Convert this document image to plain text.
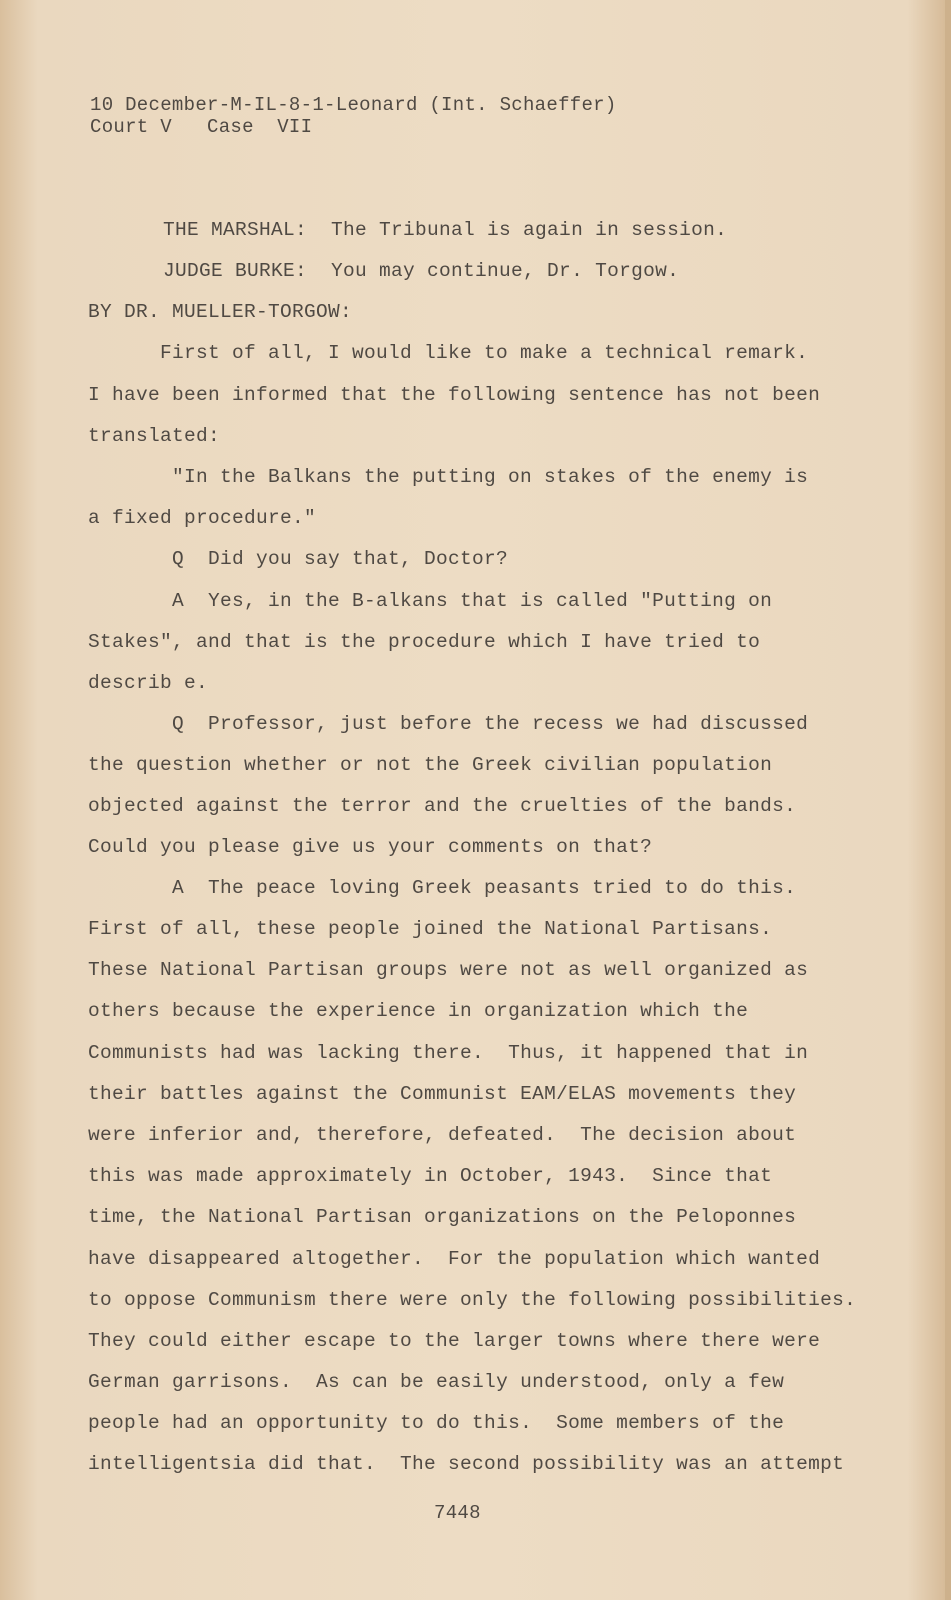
10 December-M-IL-8-1-Leonard (Int. Schaeffer)

Court V   Case  VII

THE MARSHAL:  The Tribunal is again in session.

JUDGE BURKE:  You may continue, Dr. Torgow.

BY DR. MUELLER-TORGOW:

First of all, I would like to make a technical remark.

I have been informed that the following sentence has not been

translated:

"In the Balkans the putting on stakes of the enemy is

a fixed procedure."

Q  Did you say that, Doctor?

A  Yes, in the B-alkans that is called "Putting on

Stakes", and that is the procedure which I have tried to

describ e.

Q  Professor, just before the recess we had discussed

the question whether or not the Greek civilian population

objected against the terror and the cruelties of the bands.

Could you please give us your comments on that?

A  The peace loving Greek peasants tried to do this.

First of all, these people joined the National Partisans.

These National Partisan groups were not as well organized as

others because the experience in organization which the

Communists had was lacking there.  Thus, it happened that in

their battles against the Communist EAM/ELAS movements they

were inferior and, therefore, defeated.  The decision about

this was made approximately in October, 1943.  Since that

time, the National Partisan organizations on the Peloponnes

have disappeared altogether.  For the population which wanted

to oppose Communism there were only the following possibilities.

They could either escape to the larger towns where there were

German garrisons.  As can be easily understood, only a few

people had an opportunity to do this.  Some members of the

intelligentsia did that.  The second possibility was an attempt

7448
